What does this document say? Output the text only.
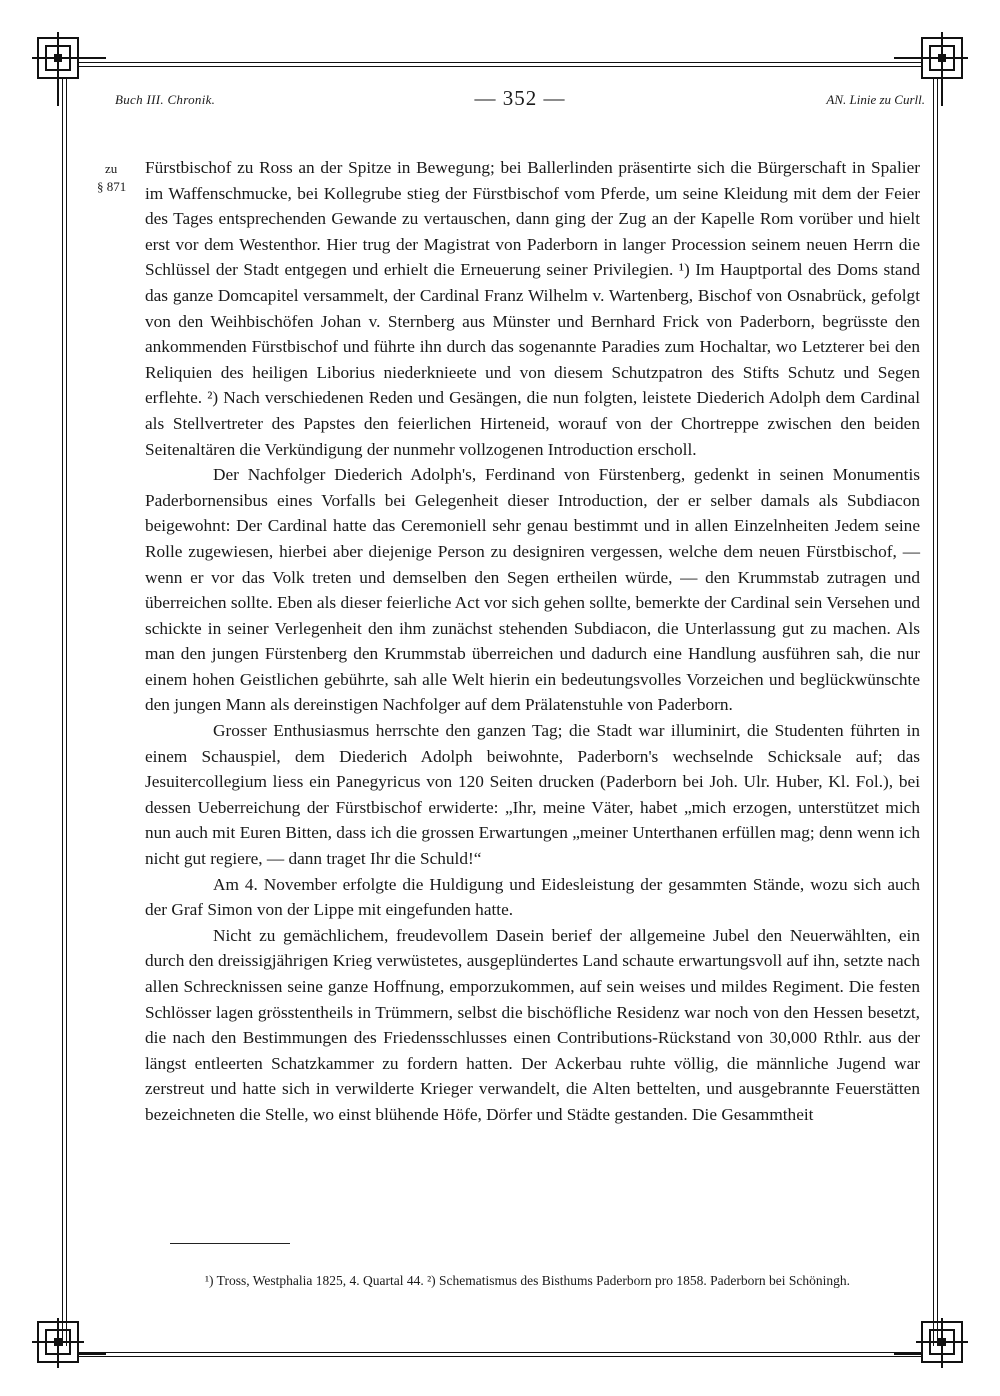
Buch III. Chronik.	— 352 —	AN. Linie zu Curll.
zu
§ 871

Fürstbischof zu Ross an der Spitze in Bewegung; bei Ballerlinden präsentirte sich die Bürgerschaft in Spalier im Waffenschmucke, bei Kollegrube stieg der Fürstbischof vom Pferde, um seine Kleidung mit dem der Feier des Tages entsprechenden Gewande zu vertauschen, dann ging der Zug an der Kapelle Rom vorüber und hielt erst vor dem Westenthor. Hier trug der Magistrat von Paderborn in langer Procession seinem neuen Herrn die Schlüssel der Stadt entgegen und erhielt die Erneuerung seiner Privilegien. ¹) Im Hauptportal des Doms stand das ganze Domcapitel versammelt, der Cardinal Franz Wilhelm v. Wartenberg, Bischof von Osnabrück, gefolgt von den Weihbischöfen Johan v. Sternberg aus Münster und Bernhard Frick von Paderborn, begrüsste den ankommenden Fürstbischof und führte ihn durch das sogenannte Paradies zum Hochaltar, wo Letzterer bei den Reliquien des heiligen Liborius niederknieete und von diesem Schutzpatron des Stifts Schutz und Segen erflehte. ²) Nach verschiedenen Reden und Gesängen, die nun folgten, leistete Diederich Adolph dem Cardinal als Stellvertreter des Papstes den feierlichen Hirteneid, worauf von der Chortreppe zwischen den beiden Seitenaltären die Verkündigung der nunmehr vollzogenen Introduction erscholl.

Der Nachfolger Diederich Adolph's, Ferdinand von Fürstenberg, gedenkt in seinen Monumentis Paderbornensibus eines Vorfalls bei Gelegenheit dieser Introduction, der er selber damals als Subdiacon beigewohnt: Der Cardinal hatte das Ceremoniell sehr genau bestimmt und in allen Einzelnheiten Jedem seine Rolle zugewiesen, hierbei aber diejenige Person zu designiren vergessen, welche dem neuen Fürstbischof, — wenn er vor das Volk treten und demselben den Segen ertheilen würde, — den Krummstab zutragen und überreichen sollte. Eben als dieser feierliche Act vor sich gehen sollte, bemerkte der Cardinal sein Versehen und schickte in seiner Verlegenheit den ihm zunächst stehenden Subdiacon, die Unterlassung gut zu machen. Als man den jungen Fürstenberg den Krummstab überreichen und dadurch eine Handlung ausführen sah, die nur einem hohen Geistlichen gebührte, sah alle Welt hierin ein bedeutungsvolles Vorzeichen und beglückwünschte den jungen Mann als dereinstigen Nachfolger auf dem Prälatenstuhle von Paderborn.

Grosser Enthusiasmus herrschte den ganzen Tag; die Stadt war illuminirt, die Studenten führten in einem Schauspiel, dem Diederich Adolph beiwohnte, Paderborn's wechselnde Schicksale auf; das Jesuitercollegium liess ein Panegyricus von 120 Seiten drucken (Paderborn bei Joh. Ulr. Huber, Kl. Fol.), bei dessen Ueberreichung der Fürstbischof erwiderte: „Ihr, meine Väter, habet „mich erzogen, unterstützet mich nun auch mit Euren Bitten, dass ich die grossen Erwartungen „meiner Unterthanen erfüllen mag; denn wenn ich nicht gut regiere, — dann traget Ihr die Schuld!“

Am 4. November erfolgte die Huldigung und Eidesleistung der gesammten Stände, wozu sich auch der Graf Simon von der Lippe mit eingefunden hatte.

Nicht zu gemächlichem, freudevollem Dasein berief der allgemeine Jubel den Neuerwählten, ein durch den dreissigjährigen Krieg verwüstetes, ausgeplündertes Land schaute erwartungsvoll auf ihn, setzte nach allen Schrecknissen seine ganze Hoffnung, emporzukommen, auf sein weises und mildes Regiment. Die festen Schlösser lagen grösstentheils in Trümmern, selbst die bischöfliche Residenz war noch von den Hessen besetzt, die nach den Bestimmungen des Friedensschlusses einen Contributions-Rückstand von 30,000 Rthlr. aus der längst entleerten Schatzkammer zu fordern hatten. Der Ackerbau ruhte völlig, die männliche Jugend war zerstreut und hatte sich in verwilderte Krieger verwandelt, die Alten bettelten, und ausgebrannte Feuerstätten bezeichneten die Stelle, wo einst blühende Höfe, Dörfer und Städte gestanden. Die Gesammtheit

¹) Tross, Westphalia 1825, 4. Quartal 44. ²) Schematismus des Bisthums Paderborn pro 1858. Paderborn bei Schöningh.
